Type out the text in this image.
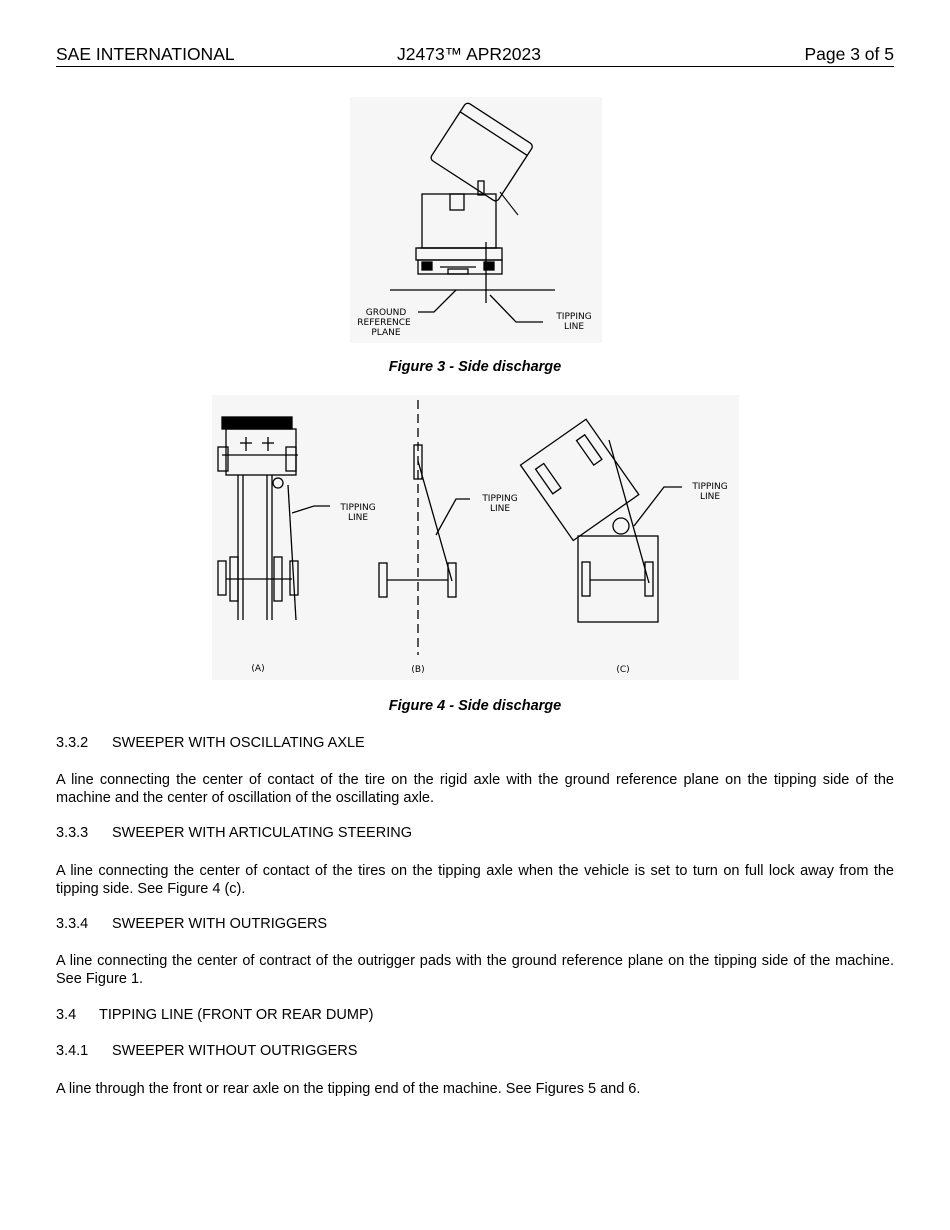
SAE INTERNATIONAL	J2473™ APR2023	Page 3 of 5
GROUND
REFERENCE
PLANE
TIPPING
LINE
Figure 3 - Side discharge
TIPPING
LINE
TIPPING
LINE
TIPPING
LINE
(A)	(B)	(C)
Figure 4 - Side discharge
3.3.2 SWEEPER WITH OSCILLATING AXLE
A line connecting the center of contact of the tire on the rigid axle with the ground reference plane on the tipping side of the machine and the center of oscillation of the oscillating axle.
3.3.3 SWEEPER WITH ARTICULATING STEERING
A line connecting the center of contact of the tires on the tipping axle when the vehicle is set to turn on full lock away from the tipping side. See Figure 4 (c).
3.3.4 SWEEPER WITH OUTRIGGERS
A line connecting the center of contract of the outrigger pads with the ground reference plane on the tipping side of the machine. See Figure 1.
3.4 TIPPING LINE (FRONT OR REAR DUMP)
3.4.1 SWEEPER WITHOUT OUTRIGGERS
A line through the front or rear axle on the tipping end of the machine. See Figures 5 and 6.
